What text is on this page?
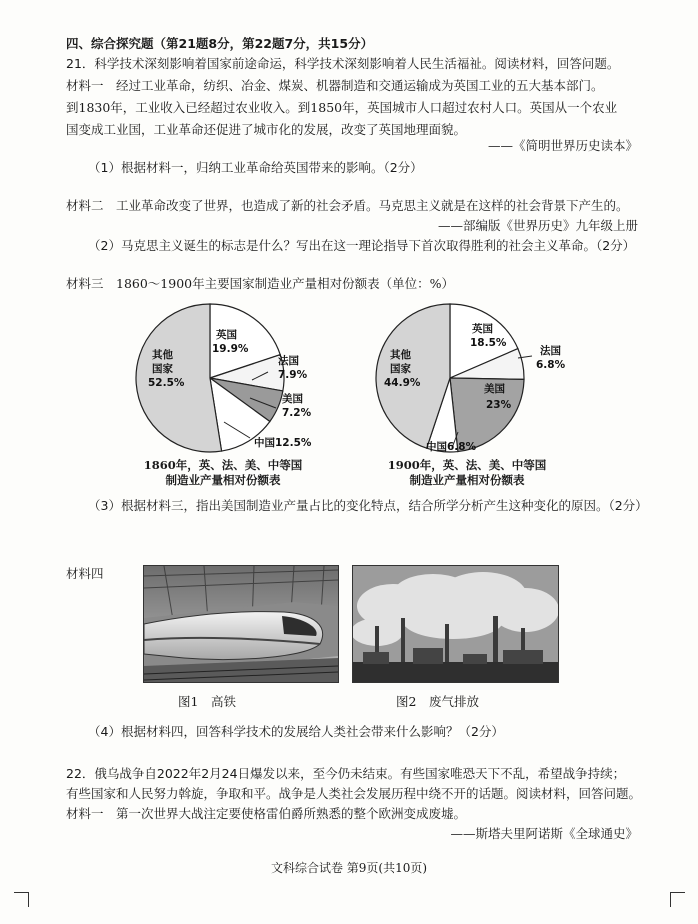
四、综合探究题（第21题8分，第22题7分，共15分）
21．科学技术深刻影响着国家前途命运，科学技术深刻影响着人民生活福祉。阅读材料，回答问题。
材料一　经过工业革命，纺织、冶金、煤炭、机器制造和交通运输成为英国工业的五大基本部门。
到1830年，工业收入已经超过农业收入。到1850年，英国城市人口超过农村人口。英国从一个农业
国变成工业国，工业革命还促进了城市化的发展，改变了英国地理面貌。
——《简明世界历史读本》
（1）根据材料一，归纳工业革命给英国带来的影响。（2分）
材料二　工业革命改变了世界，也造成了新的社会矛盾。马克思主义就是在这样的社会背景下产生的。
——部编版《世界历史》九年级上册
（2）马克思主义诞生的标志是什么？写出在这一理论指导下首次取得胜利的社会主义革命。（2分）
材料三　1860～1900年主要国家制造业产量相对份额表（单位：%）
英国
19.9%
法国
7.9%
美国
7.2%
中国12.5%
其他
国家
52.5%
1860年，英、法、美、中等国
制造业产量相对份额表
英国
18.5%
法国
6.8%
美国
23%
中国6.8%
其他
国家
44.9%
1900年，英、法、美、中等国
制造业产量相对份额表
（3）根据材料三，指出美国制造业产量占比的变化特点，结合所学分析产生这种变化的原因。（2分）
材料四
图1　高铁	图2　废气排放
（4）根据材料四，回答科学技术的发展给人类社会带来什么影响？（2分）
22．俄乌战争自2022年2月24日爆发以来，至今仍未结束。有些国家唯恐天下不乱，希望战争持续；
有些国家和人民努力斡旋，争取和平。战争是人类社会发展历程中绕不开的话题。阅读材料，回答问题。
材料一　第一次世界大战注定要使格雷伯爵所熟悉的整个欧洲变成废墟。
——斯塔夫里阿诺斯《全球通史》
文科综合试卷 第9页(共10页)
